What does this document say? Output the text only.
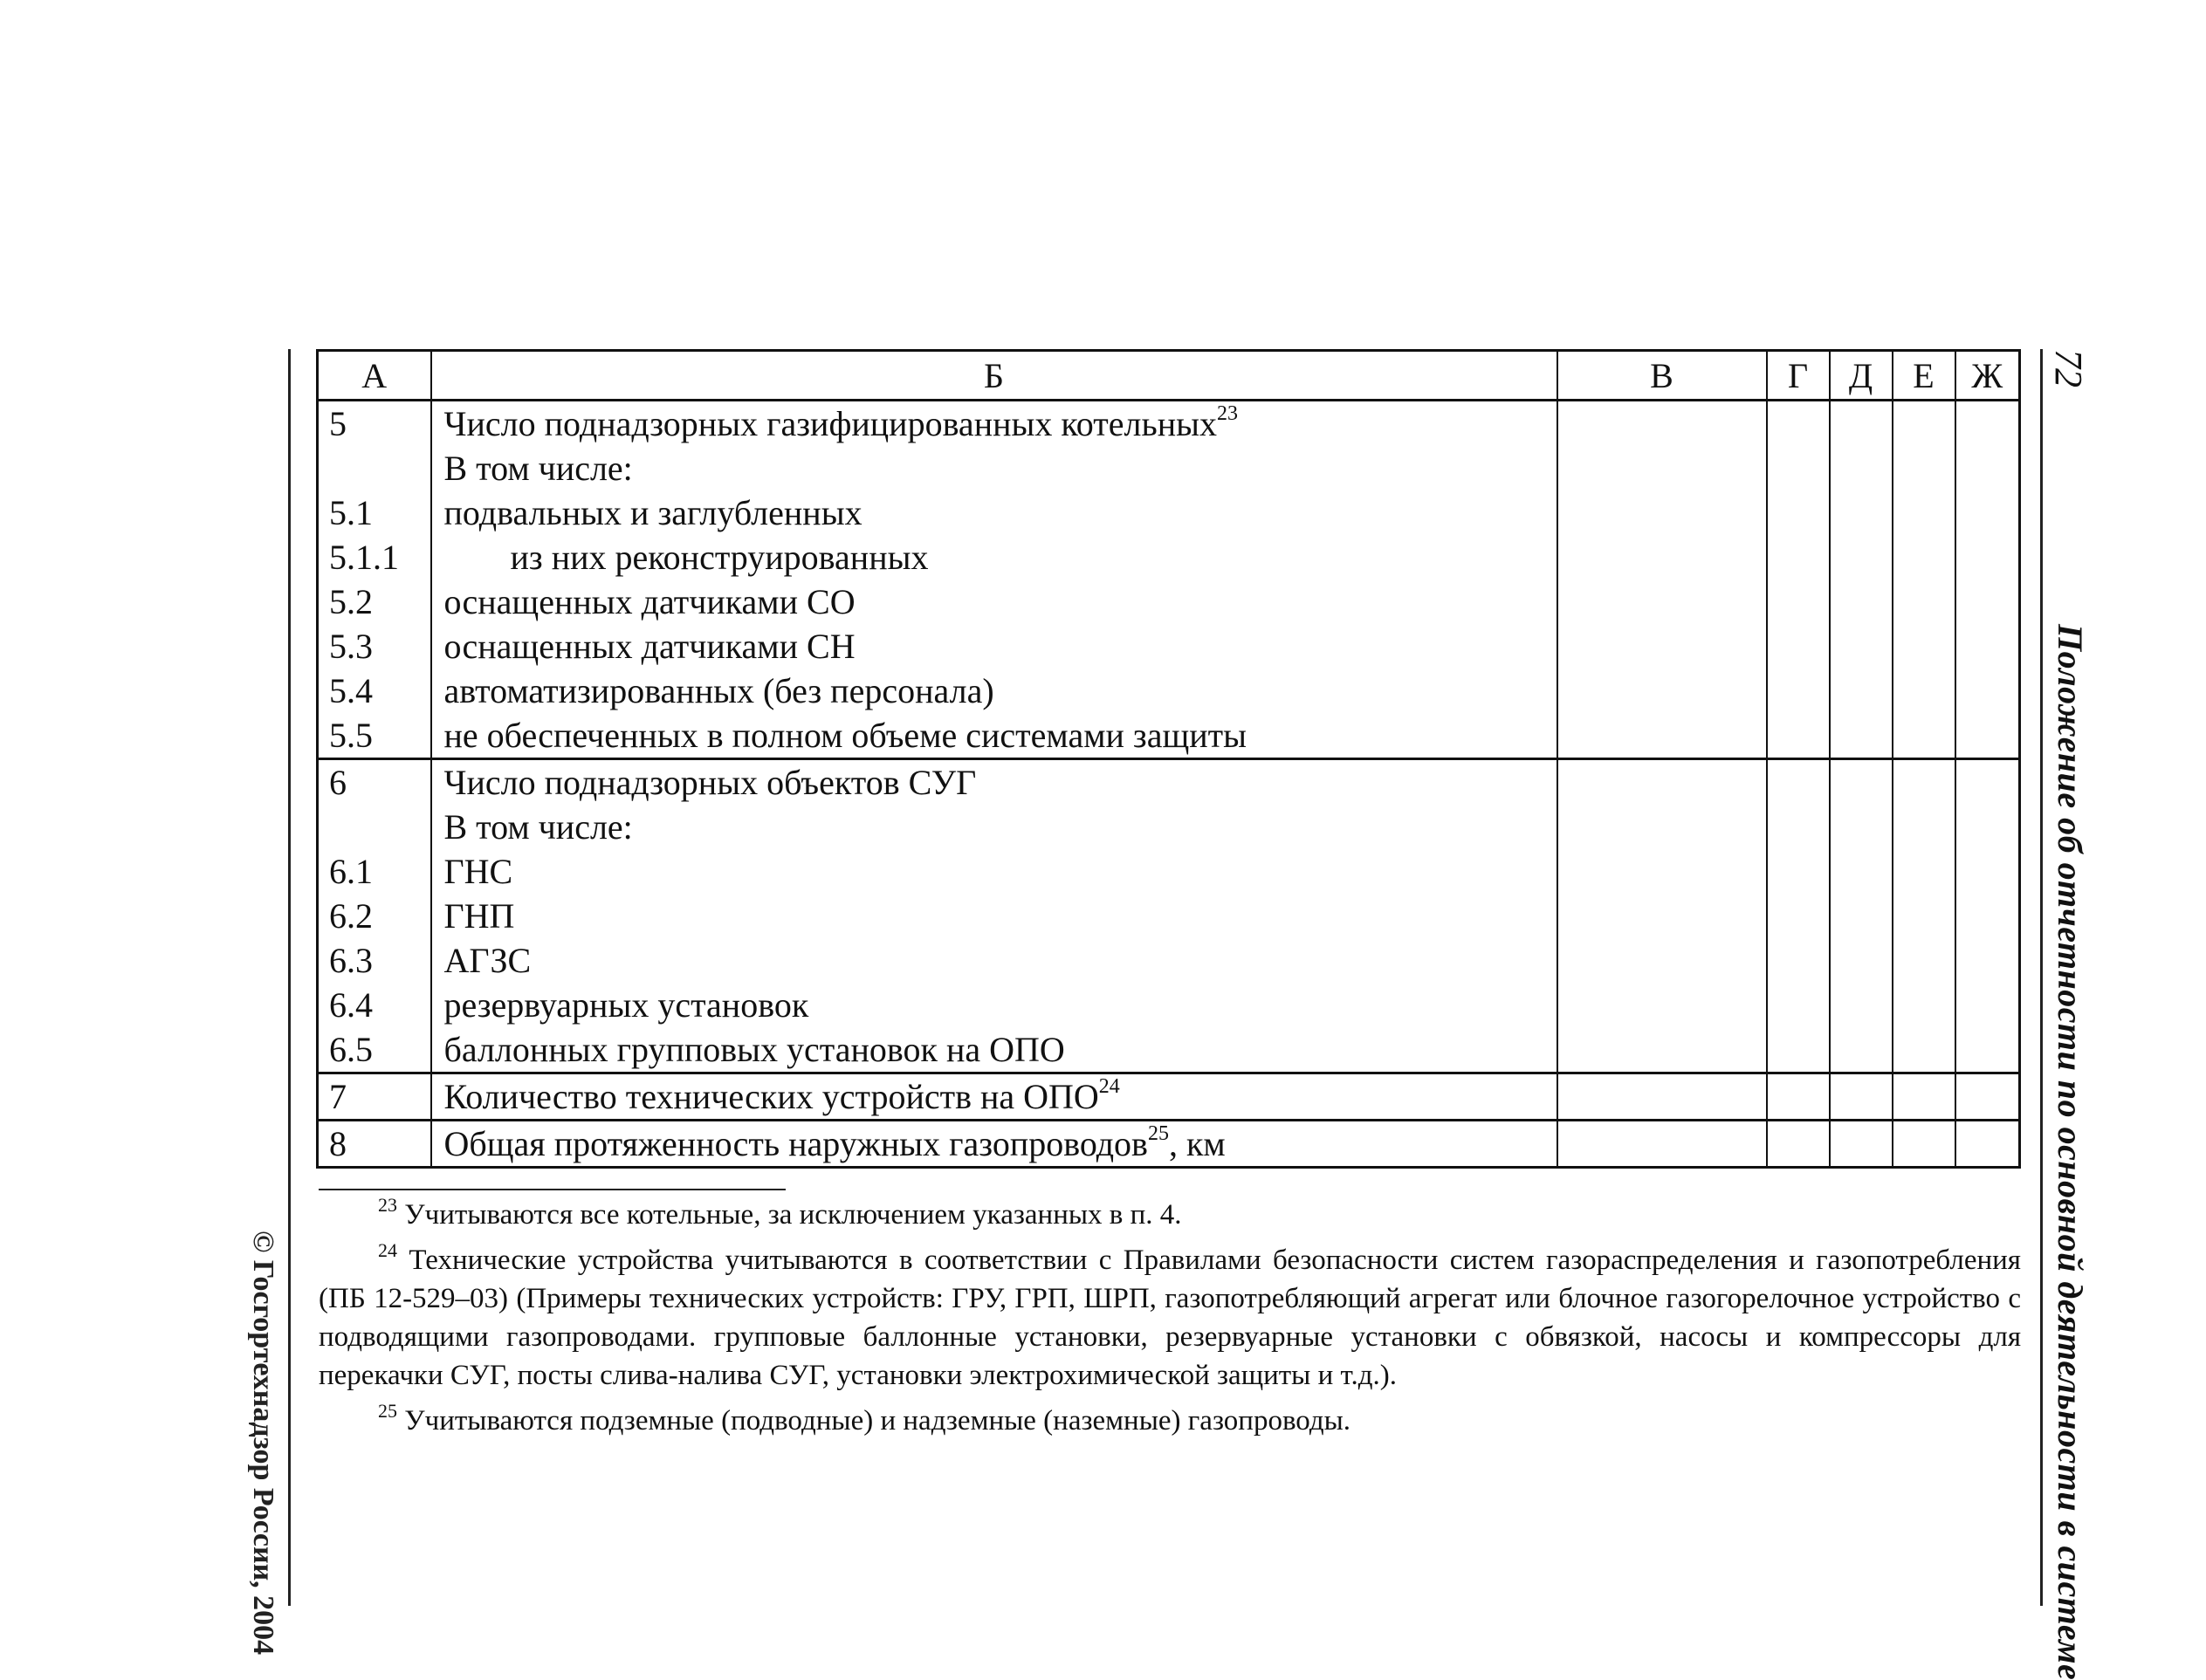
© Госгортехнадзор России, 2004
72
Положение об отчетности по основной деятельности в системе
А	Б	В	Г	Д	Е	Ж
5	Число поднадзорных газифицированных котельных$^{23}$					
	В том числе:					
5.1	подвальных и заглубленных					
5.1.1	из них реконструированных					
5.2	оснащенных датчиками СО					
5.3	оснащенных датчиками СН					
5.4	автоматизированных (без персонала)					
5.5	не обеспеченных в полном объеме системами защиты					
6	Число поднадзорных объектов СУГ					
	В том числе:					
6.1	ГНС					
6.2	ГНП					
6.3	АГЗС					
6.4	резервуарных установок					
6.5	баллонных групповых установок на ОПО					
7	Количество технических устройств на ОПО$^{24}$					
8	Общая протяженность наружных газопроводов$^{25}$, км					

$^{23}$ Учитываются все котельные, за исключением указанных в п. 4.

$^{24}$ Технические устройства учитываются в соответствии с Правилами безопасности систем газораспределения и газопотребления (ПБ 12-529–03) (Примеры технических устройств: ГРУ, ГРП, ШРП, газопотребляющий агрегат или блочное газогорелочное устройство с подводящими газопроводами. групповые баллонные установки, резервуарные установки с обвязкой, насосы и компрессоры для перекачки СУГ, посты слива-налива СУГ, установки электрохимической защиты и т.д.).

$^{25}$ Учитываются подземные (подводные) и надземные (наземные) газопроводы.
